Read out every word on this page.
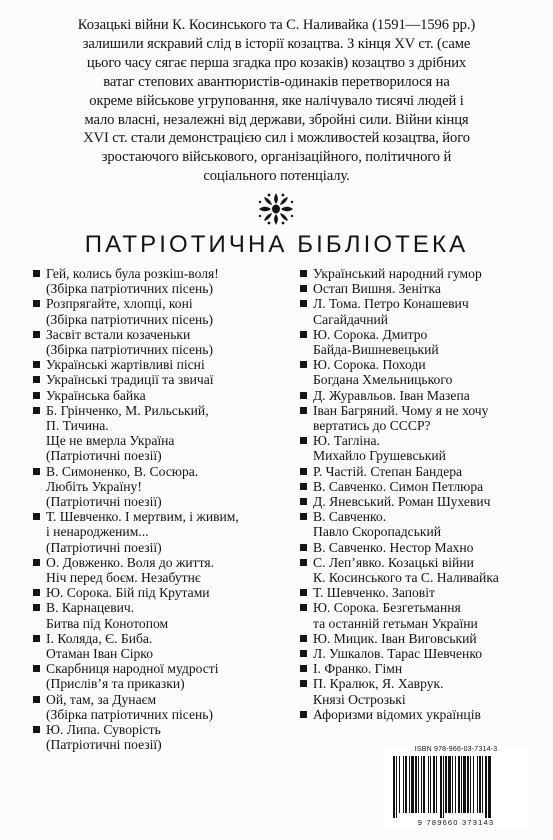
Козацькі війни К. Косинського та С. Наливайка (1591—1596 рр.)
залишили яскравий слід в історії козацтва. З кінця XV ст. (саме
цього часу сягає перша згадка про козаків) козацтво з дрібних
ватаг степових авантюристів-одинаків перетворилося на
окреме військове угруповання, яке налічувало тисячі людей і
мало власні, незалежні від держави, збройні сили. Війни кінця
XVI ст. стали демонстрацією сил і можливостей козацтва, його
зростаючого військового, організаційного, політичного й
соціального потенціалу.
ПАТРІОТИЧНА БІБЛІОТЕКА
Гей, колись була розкіш-воля!
(Збірка патріотичних пісень)
Розпрягайте, хлопці, коні
(Збірка патріотичних пісень)
Засвіт встали козаченьки
(Збірка патріотичних пісень)
Українські жартівливі пісні
Українські традиції та звичаї
Українська байка
Б. Грінченко, М. Рильський,
П. Тичина.
Ще не вмерла Україна
(Патріотичні поезії)
В. Симоненко, В. Сосюра.
Любіть Україну!
(Патріотичні поезії)
Т. Шевченко. І мертвим, і живим,
і ненародженим...
(Патріотичні поезії)
О. Довженко. Воля до життя.
Ніч перед боєм. Незабутнє
Ю. Сорока. Бій під Крутами
В. Карнацевич.
Битва під Конотопом
І. Коляда, Є. Биба.
Отаман Іван Сірко
Скарбниця народної мудрості
(Прислів’я та приказки)
Ой, там, за Дунаєм
(Збірка патріотичних пісень)
Ю. Липа. Суворість
(Патріотичні поезії)
Український народний гумор
Остап Вишня. Зенітка
Л. Тома. Петро Конашевич
Сагайдачний
Ю. Сорока. Дмитро
Байда-Вишневецький
Ю. Сорока. Походи
Богдана Хмельницького
Д. Журавльов. Іван Мазепа
Іван Багряний. Чому я не хочу
вертатись до СССР?
Ю. Тагліна.
Михайло Грушевський
Р. Частій. Степан Бандера
В. Савченко. Симон Петлюра
Д. Яневський. Роман Шухевич
В. Савченко.
Павло Скоропадський
В. Савченко. Нестор Махно
С. Леп’явко. Козацькі війни
К. Косинського та С. Наливайка
Т. Шевченко. Заповіт
Ю. Сорока. Безгетьмання
та останній гетьман України
Ю. Мицик. Іван Виговський
Л. Ушкалов. Тарас Шевченко
І. Франко. Гімн
П. Кралюк, Я. Хаврук.
Князі Острозькі
Афоризми відомих українців
ISBN 978-966-03-7314-3
9 789660 373143
